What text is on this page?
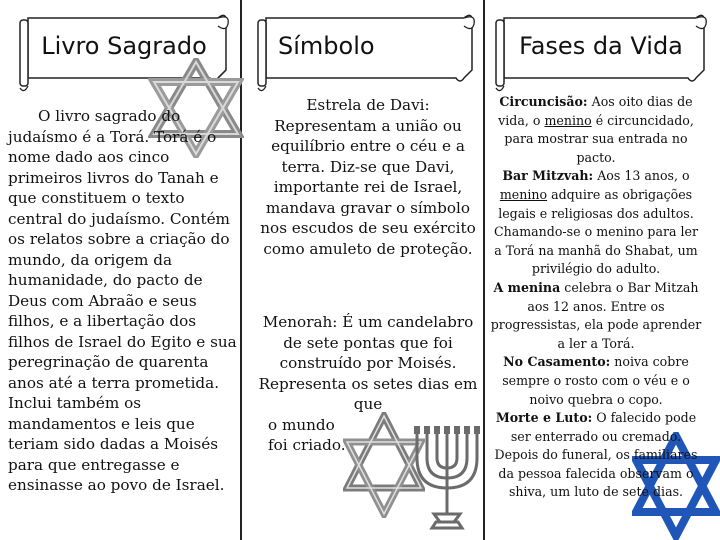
Livro Sagrado

O livro sagrado do judaísmo é a Torá. Torá é o nome dado aos cinco primeiros livros do Tanah e que constituem o texto central do judaísmo. Contém os relatos sobre a criação do mundo, da origem da humanidade, do pacto de Deus com Abraão e seus filhos, e a libertação dos filhos de Israel do Egito e sua peregrinação de quarenta anos até a terra prometida. Inclui também os mandamentos e leis que teriam sido dadas a Moisés para que entregasse e ensinasse ao povo de Israel.

Símbolo

Estrela de Davi:

Representam a união ou equilíbrio entre o céu e a terra. Diz-se que Davi, importante rei de Israel, mandava gravar o símbolo nos escudos de seu exército como amuleto de proteção.

Menorah: É um candelabro de sete pontas que foi construído por Moisés. Representa os setes dias em que

o mundo

foi criado.

Fases da Vida

Circuncisão: Aos oito dias de vida, o menino é circuncidado, para mostrar sua entrada no pacto.

Bar Mitzvah: Aos 13 anos, o menino adquire as obrigações legais e religiosas dos adultos. Chamando-se o menino para ler a Torá na manhã do Shabat, um privilégio do adulto.

A menina celebra o Bar Mitzah aos 12 anos. Entre os progressistas, ela pode aprender a ler a Torá.

No Casamento: noiva cobre sempre o rosto com o véu e o noivo quebra o copo.

Morte e Luto: O falecido pode ser enterrado ou cremado. Depois do funeral, os familiares da pessoa falecida observam o shiva, um luto de sete dias.
